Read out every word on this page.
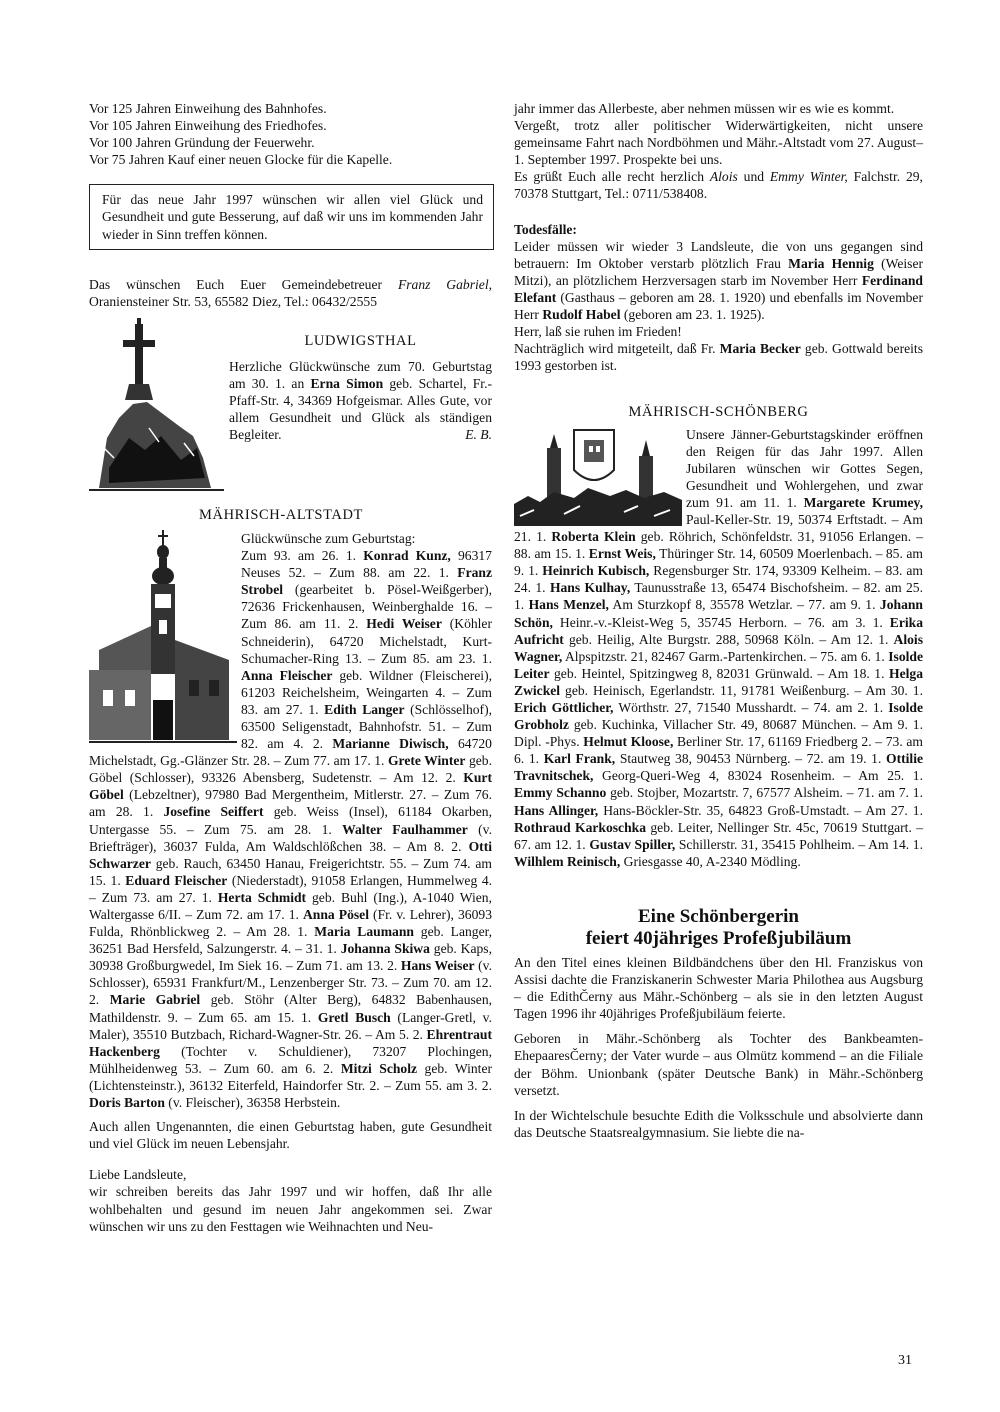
Vor 125 Jahren Einweihung des Bahnhofes.

Vor 105 Jahren Einweihung des Friedhofes.

Vor 100 Jahren Gründung der Feuerwehr.

Vor 75 Jahren Kauf einer neuen Glocke für die Kapelle.

Für das neue Jahr 1997 wünschen wir allen viel Glück und Gesundheit und gute Besserung, auf daß wir uns im kommenden Jahr wieder in Sinn treffen können.

Das wünschen Euch Euer Gemeindebetreuer Franz Gabriel, Oraniensteiner Str. 53, 65582 Diez, Tel.: 06432/2555

LUDWIGSTHAL

Herzliche Glückwünsche zum 70. Geburtstag am 30. 1. an Erna Simon geb. Schartel, Fr.-Pfaff-Str. 4, 34369 Hofgeismar. Alles Gute, vor allem Gesundheit und Glück als ständigen Begleiter.	E. B.

MÄHRISCH-ALTSTADT

Glückwünsche zum Geburtstag:

Zum 93. am 26. 1. Konrad Kunz, 96317 Neuses 52. – Zum 88. am 22. 1. Franz Strobel (gearbeitet b. Pösel-Weißgerber), 72636 Frickenhausen, Weinberghalde 16. – Zum 86. am 11. 2. Hedi Weiser (Köhler Schneiderin), 64720 Michelstadt, Kurt-Schumacher-Ring 13. – Zum 85. am 23. 1. Anna Fleischer geb. Wildner (Fleischerei), 61203 Reichelsheim, Weingarten 4. – Zum 83. am 27. 1. Edith Langer (Schlösselhof), 63500 Seligenstadt, Bahnhofstr. 51. – Zum 82. am 4. 2. Marianne Diwisch, 64720 Michelstadt, Gg.-Glänzer Str. 28. – Zum 77. am 17. 1. Grete Winter geb. Göbel (Schlosser), 93326 Abensberg, Sudetenstr. – Am 12. 2. Kurt Göbel (Lebzeltner), 97980 Bad Mergentheim, Mitlerstr. 27. – Zum 76. am 28. 1. Josefine Seiffert geb. Weiss (Insel), 61184 Okarben, Untergasse 55. – Zum 75. am 28. 1. Walter Faulhammer (v. Briefträger), 36037 Fulda, Am Waldschlößchen 38. – Am 8. 2. Otti Schwarzer geb. Rauch, 63450 Hanau, Freigerichtstr. 55. – Zum 74. am 15. 1. Eduard Fleischer (Niederstadt), 91058 Erlangen, Hummelweg 4. – Zum 73. am 27. 1. Herta Schmidt geb. Buhl (Ing.), A-1040 Wien, Waltergasse 6/II. – Zum 72. am 17. 1. Anna Pösel (Fr. v. Lehrer), 36093 Fulda, Rhönblickweg 2. – Am 28. 1. Maria Laumann geb. Langer, 36251 Bad Hersfeld, Salzungerstr. 4. – 31. 1. Johanna Skiwa geb. Kaps, 30938 Großburgwedel, Im Siek 16. – Zum 71. am 13. 2. Hans Weiser (v. Schlosser), 65931 Frankfurt/M., Lenzenberger Str. 73. – Zum 70. am 12. 2. Marie Gabriel geb. Stöhr (Alter Berg), 64832 Babenhausen, Mathildenstr. 9. – Zum 65. am 15. 1. Gretl Busch (Langer-Gretl, v. Maler), 35510 Butzbach, Richard-Wagner-Str. 26. – Am 5. 2. Ehrentraut Hackenberg (Tochter v. Schuldiener), 73207 Plochingen, Mühlheidenweg 53. – Zum 60. am 6. 2. Mitzi Scholz geb. Winter (Lichtensteinstr.), 36132 Eiterfeld, Haindorfer Str. 2. – Zum 55. am 3. 2. Doris Barton (v. Fleischer), 36358 Herbstein.

Auch allen Ungenannten, die einen Geburtstag haben, gute Gesundheit und viel Glück im neuen Lebensjahr.

Liebe Landsleute,

wir schreiben bereits das Jahr 1997 und wir hoffen, daß Ihr alle wohlbehalten und gesund im neuen Jahr angekommen sei. Zwar wünschen wir uns zu den Festtagen wie Weihnachten und Neu-

jahr immer das Allerbeste, aber nehmen müssen wir es wie es kommt.

Vergeßt, trotz aller politischer Widerwärtigkeiten, nicht unsere gemeinsame Fahrt nach Nordböhmen und Mähr.-Altstadt vom 27. August–1. September 1997. Prospekte bei uns.

Es grüßt Euch alle recht herzlich Alois und Emmy Winter, Falchstr. 29, 70378 Stuttgart, Tel.: 0711/538408.

Todesfälle:

Leider müssen wir wieder 3 Landsleute, die von uns gegangen sind betrauern: Im Oktober verstarb plötzlich Frau Maria Hennig (Weiser Mitzi), an plötzlichem Herzversagen starb im November Herr Ferdinand Elefant (Gasthaus – geboren am 28. 1. 1920) und ebenfalls im November Herr Rudolf Habel (geboren am 23. 1. 1925).

Herr, laß sie ruhen im Frieden!

Nachträglich wird mitgeteilt, daß Fr. Maria Becker geb. Gottwald bereits 1993 gestorben ist.

MÄHRISCH-SCHÖNBERG

Unsere Jänner-Geburtstagskinder eröffnen den Reigen für das Jahr 1997. Allen Jubilaren wünschen wir Gottes Segen, Gesundheit und Wohlergehen, und zwar zum 91. am 11. 1. Margarete Krumey, Paul-Keller-Str. 19, 50374 Erftstadt. – Am 21. 1. Roberta Klein geb. Röhrich, Schönfeldstr. 31, 91056 Erlangen. – 88. am 15. 1. Ernst Weis, Thüringer Str. 14, 60509 Moerlenbach. – 85. am 9. 1. Heinrich Kubisch, Regensburger Str. 174, 93309 Kelheim. – 83. am 24. 1. Hans Kulhay, Taunusstraße 13, 65474 Bischofsheim. – 82. am 25. 1. Hans Menzel, Am Sturzkopf 8, 35578 Wetzlar. – 77. am 9. 1. Johann Schön, Heinr.-v.-Kleist-Weg 5, 35745 Herborn. – 76. am 3. 1. Erika Aufricht geb. Heilig, Alte Burgstr. 288, 50968 Köln. – Am 12. 1. Alois Wagner, Alpspitzstr. 21, 82467 Garm.-Partenkirchen. – 75. am 6. 1. Isolde Leiter geb. Heintel, Spitzingweg 8, 82031 Grünwald. – Am 18. 1. Helga Zwickel geb. Heinisch, Egerlandstr. 11, 91781 Weißenburg. – Am 30. 1. Erich Göttlicher, Wörthstr. 27, 71540 Musshardt. – 74. am 2. 1. Isolde Grobholz geb. Kuchinka, Villacher Str. 49, 80687 München. – Am 9. 1. Dipl. -Phys. Helmut Kloose, Berliner Str. 17, 61169 Friedberg 2. – 73. am 6. 1. Karl Frank, Stautweg 38, 90453 Nürnberg. – 72. am 19. 1. Ottilie Travnitschek, Georg-Queri-Weg 4, 83024 Rosenheim. – Am 25. 1. Emmy Schanno geb. Stojber, Mozartstr. 7, 67577 Alsheim. – 71. am 7. 1. Hans Allinger, Hans-Böckler-Str. 35, 64823 Groß-Umstadt. – Am 27. 1. Rothraud Karkoschka geb. Leiter, Nellinger Str. 45c, 70619 Stuttgart. – 67. am 12. 1. Gustav Spiller, Schillerstr. 31, 35415 Pohlheim. – Am 14. 1. Wilhlem Reinisch, Griesgasse 40, A-2340 Mödling.

Eine Schönbergerin

feiert 40jähriges Profeßjubiläum

An den Titel eines kleinen Bildbändchens über den Hl. Franziskus von Assisi dachte die Franziskanerin Schwester Maria Philothea aus Augsburg – die EdithČerny aus Mähr.-Schönberg – als sie in den letzten August Tagen 1996 ihr 40jähriges Profeßjubiläum feierte.

Geboren in Mähr.-Schönberg als Tochter des Bankbeamten-EhepaaresČerny; der Vater wurde – aus Olmütz kommend – an die Filiale der Böhm. Unionbank (später Deutsche Bank) in Mähr.-Schönberg versetzt.

In der Wichtelschule besuchte Edith die Volksschule und absolvierte dann das Deutsche Staatsrealgymnasium. Sie liebte die na-

31
